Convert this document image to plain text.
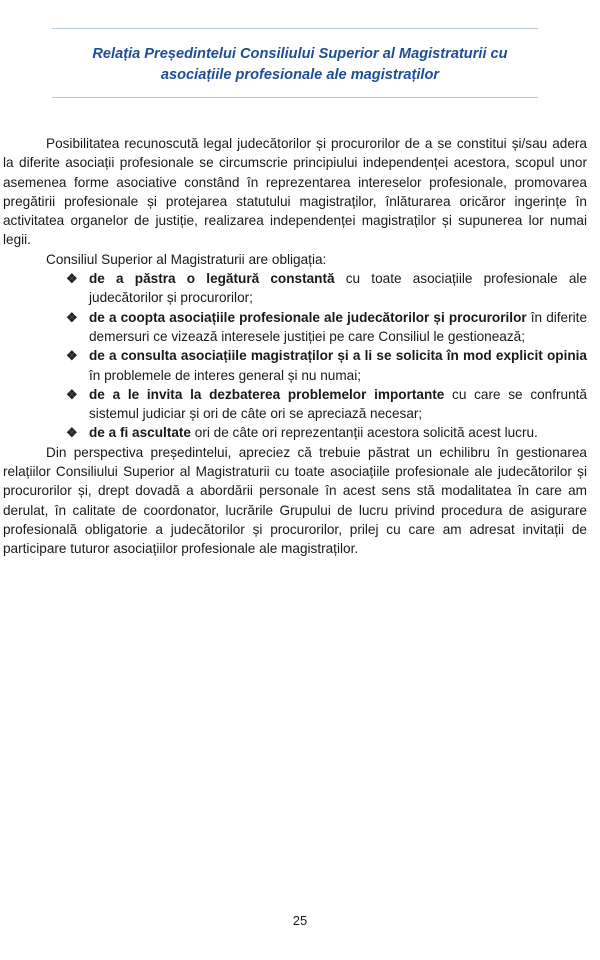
Relația Președintelui Consiliului Superior al Magistraturii cu
asociațiile profesionale ale magistraților

Posibilitatea recunoscută legal judecătorilor și procurorilor de a se constitui și/sau adera la diferite asociații profesionale se circumscrie principiului independenței acestora, scopul unor asemenea forme asociative constând în reprezentarea intereselor profesionale, promovarea pregătirii profesionale și protejarea statutului magistraților, înlăturarea oricăror ingerințe în activitatea organelor de justiție, realizarea independenței magistraților și supunerea lor numai legii.

Consiliul Superior al Magistraturii are obligația:

❖ de a păstra o legătură constantă cu toate asociațiile profesionale ale judecătorilor și procurorilor;
❖ de a coopta asociațiile profesionale ale judecătorilor și procurorilor în diferite demersuri ce vizează interesele justiției pe care Consiliul le gestionează;
❖ de a consulta asociațiile magistraților și a li se solicita în mod explicit opinia în problemele de interes general și nu numai;
❖ de a le invita la dezbaterea problemelor importante cu care se confruntă sistemul judiciar și ori de câte ori se apreciază necesar;
❖ de a fi ascultate ori de câte ori reprezentanții acestora solicită acest lucru.

Din perspectiva președintelui, apreciez că trebuie păstrat un echilibru în gestionarea relațiilor Consiliului Superior al Magistraturii cu toate asociațiile profesionale ale judecătorilor și procurorilor și, drept dovadă a abordării personale în acest sens stă modalitatea în care am derulat, în calitate de coordonator, lucrările Grupului de lucru privind procedura de asigurare profesională obligatorie a judecătorilor și procurorilor, prilej cu care am adresat invitații de participare tuturor asociațiilor profesionale ale magistraților.

25
